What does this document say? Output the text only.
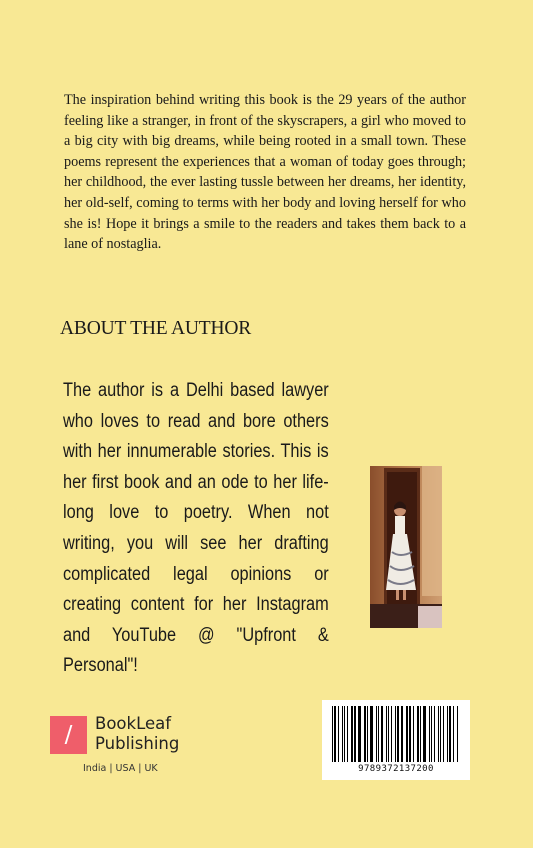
The inspiration behind writing this book is the 29 years of the author feeling like a stranger, in front of the skyscrapers, a girl who moved to a big city with big dreams, while being rooted in a small town. These poems represent the experiences that a woman of today goes through; her childhood, the ever lasting tussle between her dreams, her identity, her old-self, coming to terms with her body and loving herself for who she is! Hope it brings a smile to the readers and takes them back to a lane of nostaglia.

ABOUT THE AUTHOR

The author is a Delhi based lawyer who loves to read and bore others with her innumerable stories. This is her first book and an ode to her life-long love to poetry. When not writing, you will see her drafting complicated legal opinions or creating content for her Instagram and YouTube @ "Upfront & Personal"!

/	BookLeaf
Publishing
India | USA | UK	9789372137200
